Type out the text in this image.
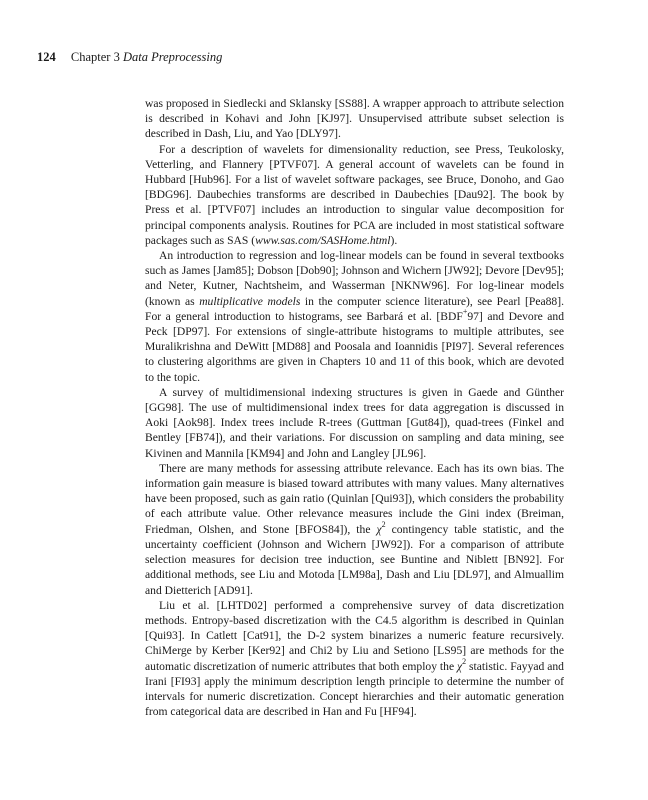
124 Chapter 3 Data Preprocessing

was proposed in Siedlecki and Sklansky [SS88]. A wrapper approach to attribute selection is described in Kohavi and John [KJ97]. Unsupervised attribute subset selection is described in Dash, Liu, and Yao [DLY97].

For a description of wavelets for dimensionality reduction, see Press, Teukolosky, Vetterling, and Flannery [PTVF07]. A general account of wavelets can be found in Hubbard [Hub96]. For a list of wavelet software packages, see Bruce, Donoho, and Gao [BDG96]. Daubechies transforms are described in Daubechies [Dau92]. The book by Press et al. [PTVF07] includes an introduction to singular value decomposition for principal components analysis. Routines for PCA are included in most statistical software packages such as SAS (www.sas.com/SASHome.html).

An introduction to regression and log-linear models can be found in several textbooks such as James [Jam85]; Dobson [Dob90]; Johnson and Wichern [JW92]; Devore [Dev95]; and Neter, Kutner, Nachtsheim, and Wasserman [NKNW96]. For log-linear models (known as multiplicative models in the computer science literature), see Pearl [Pea88]. For a general introduction to histograms, see Barbará et al. [BDF+97] and Devore and Peck [DP97]. For extensions of single-attribute histograms to multiple attributes, see Muralikrishna and DeWitt [MD88] and Poosala and Ioannidis [PI97]. Several references to clustering algorithms are given in Chapters 10 and 11 of this book, which are devoted to the topic.

A survey of multidimensional indexing structures is given in Gaede and Günther [GG98]. The use of multidimensional index trees for data aggregation is discussed in Aoki [Aok98]. Index trees include R-trees (Guttman [Gut84]), quad-trees (Finkel and Bentley [FB74]), and their variations. For discussion on sampling and data mining, see Kivinen and Mannila [KM94] and John and Langley [JL96].

There are many methods for assessing attribute relevance. Each has its own bias. The information gain measure is biased toward attributes with many values. Many alternatives have been proposed, such as gain ratio (Quinlan [Qui93]), which considers the probability of each attribute value. Other relevance measures include the Gini index (Breiman, Friedman, Olshen, and Stone [BFOS84]), the $\chi^2$ contingency table statistic, and the uncertainty coefficient (Johnson and Wichern [JW92]). For a comparison of attribute selection measures for decision tree induction, see Buntine and Niblett [BN92]. For additional methods, see Liu and Motoda [LM98a], Dash and Liu [DL97], and Almuallim and Dietterich [AD91].

Liu et al. [LHTD02] performed a comprehensive survey of data discretization methods. Entropy-based discretization with the C4.5 algorithm is described in Quinlan [Qui93]. In Catlett [Cat91], the D-2 system binarizes a numeric feature recursively. ChiMerge by Kerber [Ker92] and Chi2 by Liu and Setiono [LS95] are methods for the automatic discretization of numeric attributes that both employ the $\chi^2$ statistic. Fayyad and Irani [FI93] apply the minimum description length principle to determine the number of intervals for numeric discretization. Concept hierarchies and their automatic generation from categorical data are described in Han and Fu [HF94].
